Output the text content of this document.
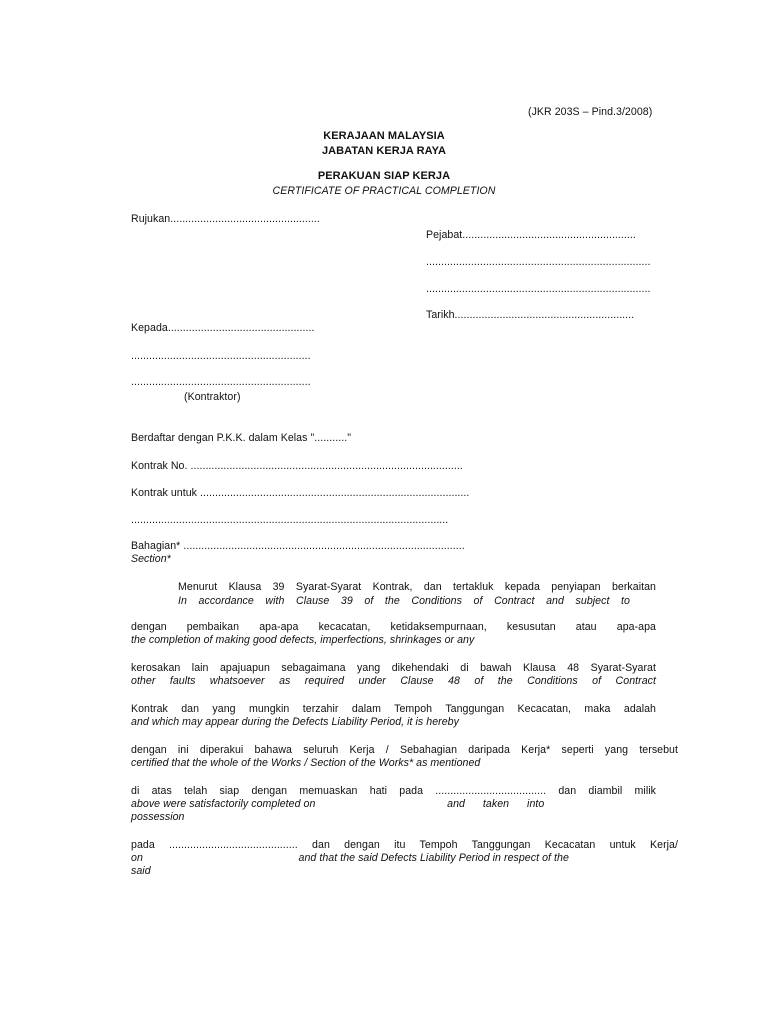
(JKR 203S – Pind.3/2008)
KERAJAAN MALAYSIA
JABATAN KERJA RAYA
PERAKUAN SIAP KERJA
CERTIFICATE OF PRACTICAL COMPLETION
Rujukan..................................................
Pejabat..........................................................
...........................................................................
...........................................................................
Tarikh............................................................
Kepada.................................................
............................................................
............................................................
(Kontraktor)
Berdaftar dengan P.K.K. dalam Kelas "..........."
Kontrak No. ...........................................................................................
Kontrak untuk ..........................................................................................
..........................................................................................................
Bahagian* ..............................................................................................
Section*
Menurut Klausa 39 Syarat-Syarat Kontrak, dan tertakluk kepada penyiapan berkaitan
In accordance with Clause 39 of the Conditions of Contract and subject to
dengan pembaikan apa-apa kecacatan, ketidaksempurnaan, kesusutan atau apa-apa
the completion of making good defects, imperfections, shrinkages or any
kerosakan lain apajuapun sebagaimana yang dikehendaki di bawah Klausa 48 Syarat-Syarat
other faults whatsoever as required under Clause 48 of the Conditions of Contract
Kontrak dan yang mungkin terzahir dalam Tempoh Tanggungan Kecacatan, maka adalah
and which may appear during the Defects Liability Period, it is hereby
dengan ini diperakui bahawa seluruh Kerja / Sebahagian daripada Kerja* seperti yang tersebut
certified that the whole of the Works / Section of the Works* as mentioned
di atas telah siap dengan memuaskan hati pada ..................................... dan diambil milik
above were satisfactorily completed on                                            and      taken      into
possession
pada ........................................... dan dengan itu Tempoh Tanggungan Kecacatan untuk Kerja/
on                                                    and that the said Defects Liability Period in respect of the
said
